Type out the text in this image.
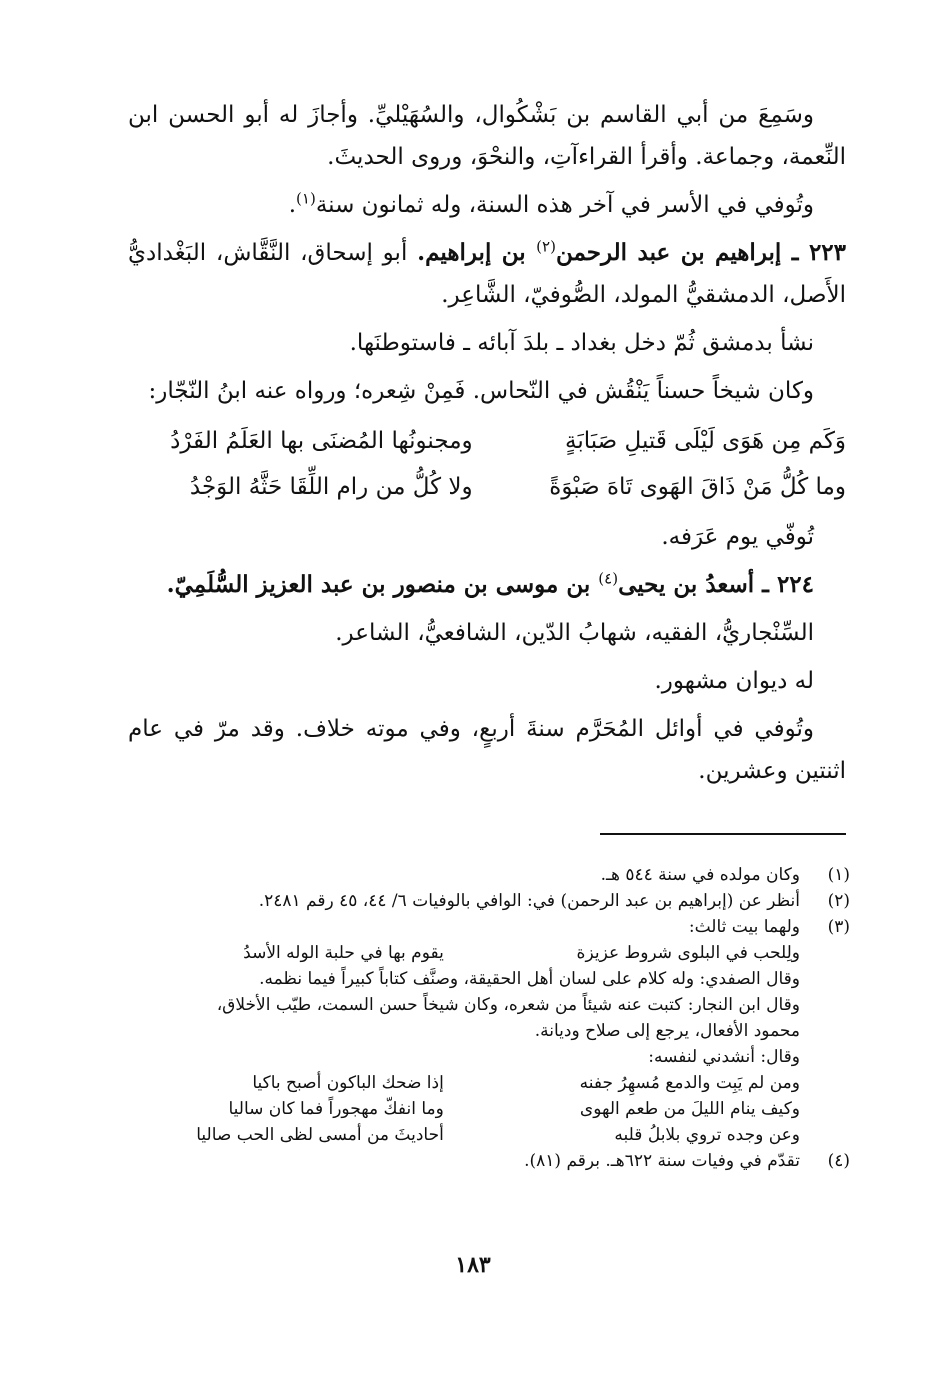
وسَمِعَ من أبي القاسم بن بَشْكُوال، والسُهَيْليِّ. وأجازَ له أبو الحسن ابن النِّعمة، وجماعة. وأقرأ القراءآتِ، والنحْوَ، وروى الحديثَ.

وتُوفي في الأسر في آخر هذه السنة، وله ثمانون سنة$^{(١)}$.

٢٢٣ ـ إبراهيم بن عبد الرحمن$^{(٢)}$ بن إبراهيم. أبو إسحاق، النَّقَّاش، البَغْداديُّ الأَصل، الدمشقيُّ المولد، الصُّوفيّ، الشَّاعِر.

نشأ بدمشق ثُمّ دخل بغداد ـ بلدَ آبائه ـ فاستوطنَها.

وكان شيخاً حسناً يَنْقُش في النّحاس. فَمِنْ شِعره؛ ورواه عنه ابنُ النّجّار:

وَكَم مِن هَوَى لَيْلَى قَتيلِ صَبَابَةٍ
ومجنونُها المُضنَى بها العَلَمُ الفَرْدُ
وما كُلُّ مَنْ ذَاقَ الهَوى تَاهَ صَبْوَةً
ولا كُلُّ من رام اللِّقَا حَثَّهُ الوَجْدُ

تُوفّي يوم عَرَفه.

٢٢٤ ـ أسعدُ بن يحيى$^{(٤)}$ بن موسى بن منصور بن عبد العزيز السُّلَمِيّ.

السِّنْجاريُّ، الفقيه، شهابُ الدّين، الشافعيُّ، الشاعر.

له ديوان مشهور.

وتُوفي في أوائل المُحَرَّم سنةَ أربعٍ، وفي موته خلاف. وقد مرّ في عام اثنتين وعشرين.

(١)
وكان مولده في سنة ٥٤٤ هـ.
(٢)
أنظر عن (إبراهيم بن عبد الرحمن) في: الوافي بالوفيات ٦/ ٤٤، ٤٥ رقم ٢٤٨١.
(٣)
ولهما بيت ثالث:
ولِلحب في البلوى شروط عزيزة
يقوم بها في حلبة الوله الأسدُ
وقال الصفدي: وله كلام على لسان أهل الحقيقة، وصنَّف كتاباً كبيراً فيما نظمه.
وقال ابن النجار: كتبت عنه شيئاً من شعره، وكان شيخاً حسن السمت، طيّب الأخلاق،
محمود الأفعال، يرجع إلى صلاح وديانة.
وقال: أنشدني لنفسه:
ومن لم يَبِت والدمع مُسهِرُ جفنه
إذا ضحك الباكون أصبح باكيا
وكيف ينام الليلَ من طعم الهوى
وما انفكّ مهجوراً فما كان ساليا
وعن وجده تروي بلابلُ قلبه
أحاديثَ من أمسى لظى الحب صاليا
(٤)
تقدّم في وفيات سنة ٦٢٢هـ. برقم (٨١).
١٨٣
